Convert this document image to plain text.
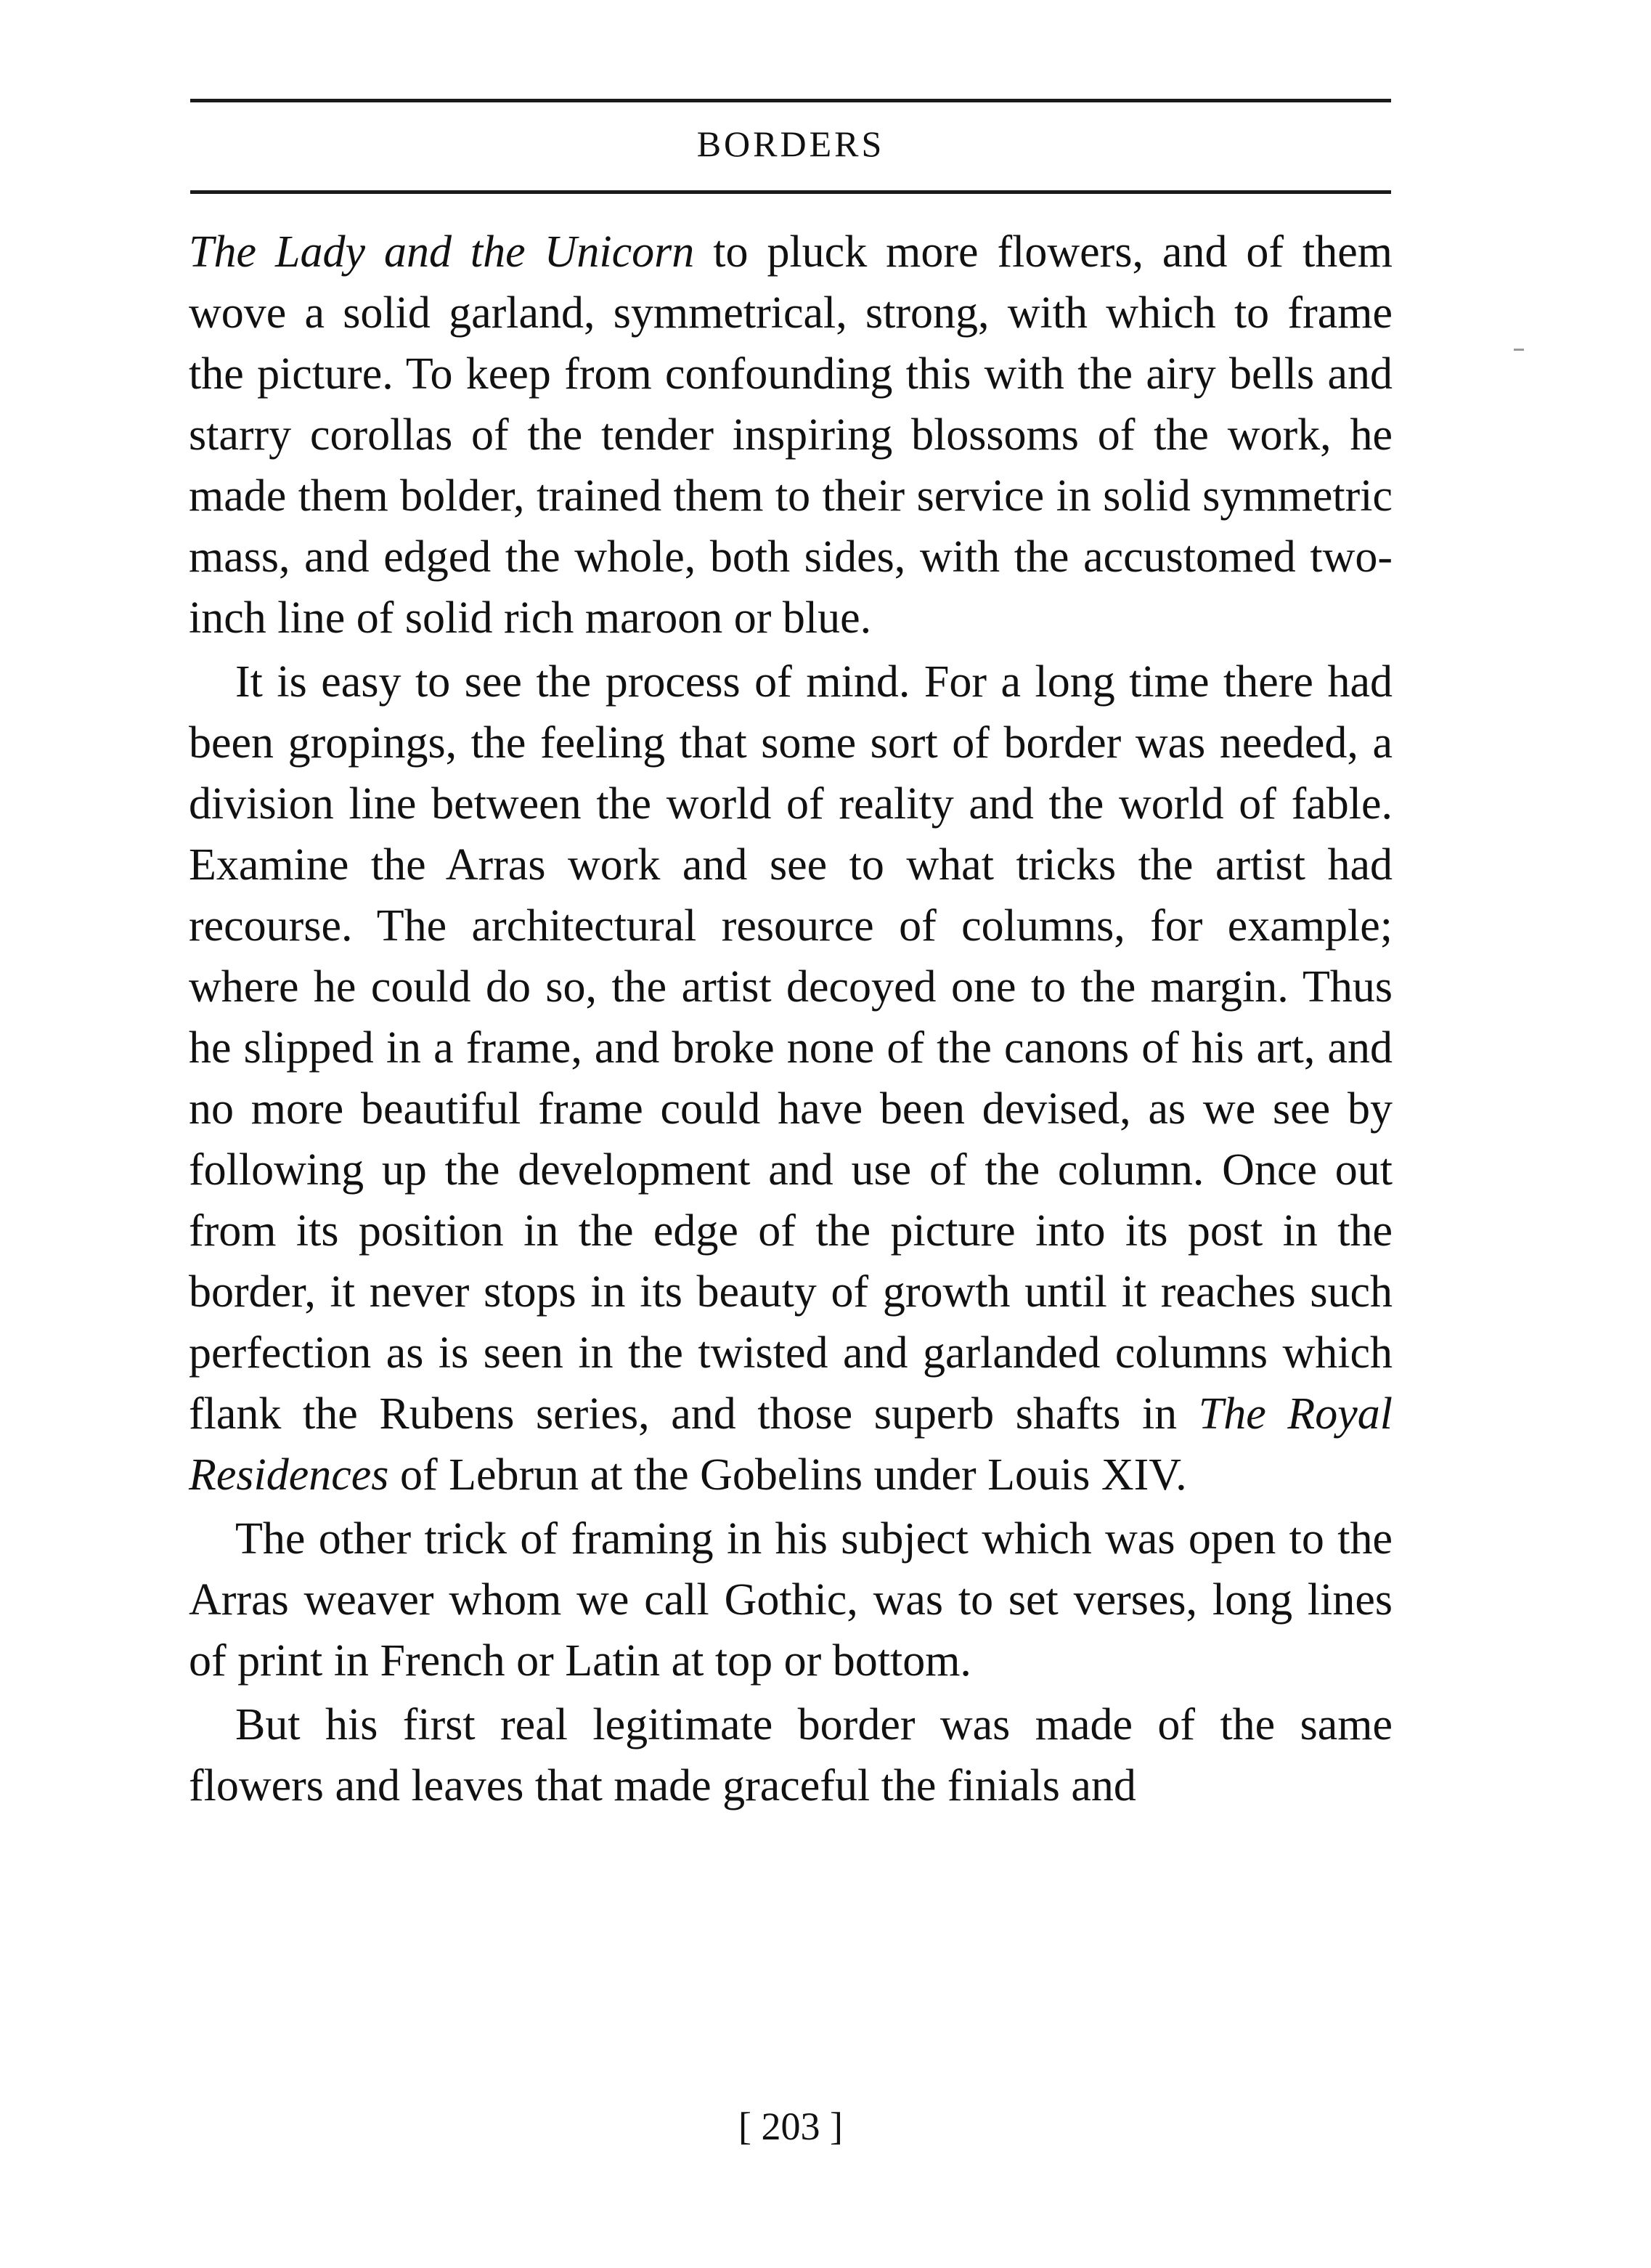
BORDERS

The Lady and the Unicorn to pluck more flowers, and of them wove a solid garland, symmetrical, strong, with which to frame the picture. To keep from confounding this with the airy bells and starry corollas of the tender inspiring blossoms of the work, he made them bolder, trained them to their service in solid symmetric mass, and edged the whole, both sides, with the accustomed two-inch line of solid rich maroon or blue.

It is easy to see the process of mind. For a long time there had been gropings, the feeling that some sort of border was needed, a division line between the world of reality and the world of fable. Examine the Arras work and see to what tricks the artist had recourse. The architectural resource of columns, for example; where he could do so, the artist decoyed one to the margin. Thus he slipped in a frame, and broke none of the canons of his art, and no more beautiful frame could have been devised, as we see by following up the development and use of the column. Once out from its position in the edge of the picture into its post in the border, it never stops in its beauty of growth until it reaches such perfection as is seen in the twisted and garlanded columns which flank the Rubens series, and those superb shafts in The Royal Residences of Lebrun at the Gobelins under Louis XIV.

The other trick of framing in his subject which was open to the Arras weaver whom we call Gothic, was to set verses, long lines of print in French or Latin at top or bottom.

But his first real legitimate border was made of the same flowers and leaves that made graceful the finials and

[ 203 ]
